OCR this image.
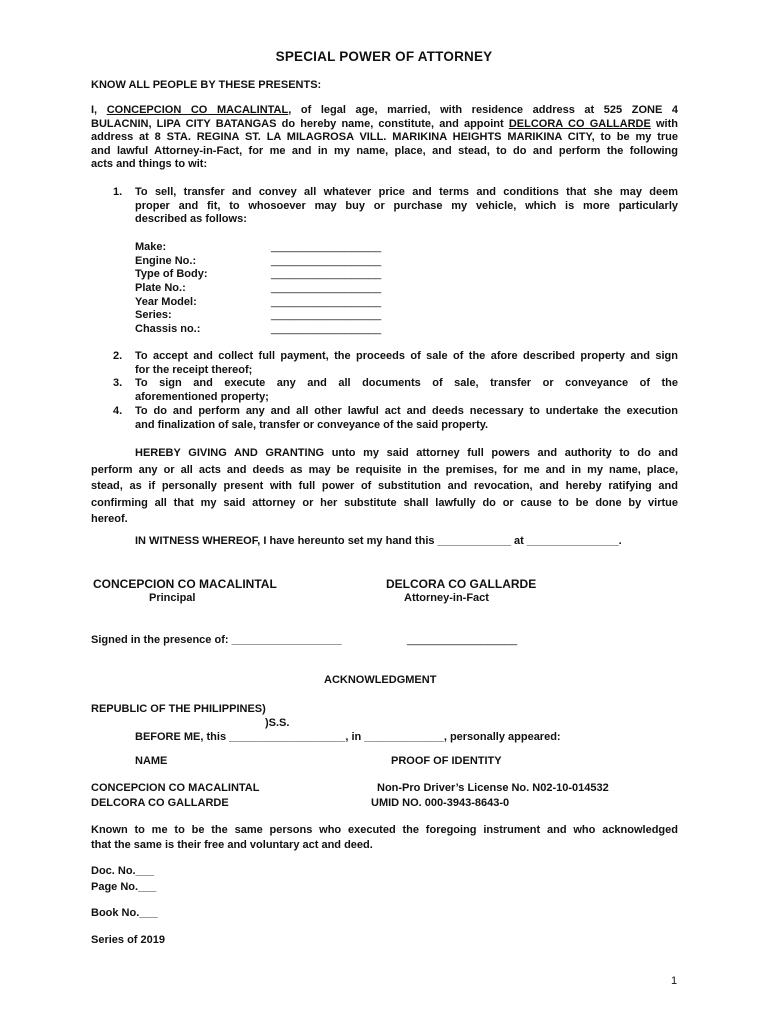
SPECIAL POWER OF ATTORNEY
KNOW ALL PEOPLE BY THESE PRESENTS:
I, CONCEPCION CO MACALINTAL, of legal age, married, with residence address at 525 ZONE 4
BULACNIN, LIPA CITY BATANGAS do hereby name, constitute, and appoint DELCORA CO GALLARDE with
address at 8 STA. REGINA ST. LA MILAGROSA VILL. MARIKINA HEIGHTS MARIKINA CITY, to be my true
and lawful Attorney-in-Fact, for me and in my name, place, and stead, to do and perform the following
acts and things to wit:
1. To sell, transfer and convey all whatever price and terms and conditions that she may deem
proper and fit, to whosoever may buy or purchase my vehicle, which is more particularly
described as follows:
Make:	__________________
Engine No.:	__________________
Type of Body:	__________________
Plate No.:	__________________
Year Model:	__________________
Series:	__________________
Chassis no.:	__________________
2. To accept and collect full payment, the proceeds of sale of the afore described property and sign
for the receipt thereof;
3. To sign and execute any and all documents of sale, transfer or conveyance of the
aforementioned property;
4. To do and perform any and all other lawful act and deeds necessary to undertake the execution
and finalization of sale, transfer or conveyance of the said property.
HEREBY GIVING AND GRANTING unto my said attorney full powers and authority to do and
perform any or all acts and deeds as may be requisite in the premises, for me and in my name, place,
stead, as if personally present with full power of substitution and revocation, and hereby ratifying and
confirming all that my said attorney or her substitute shall lawfully do or cause to be done by virtue
hereof.
IN WITNESS WHEREOF, I have hereunto set my hand this ____________ at _______________.
CONCEPCION CO MACALINTAL
Principal
DELCORA CO GALLARDE
Attorney-in-Fact
Signed in the presence of: __________________	__________________
ACKNOWLEDGMENT
REPUBLIC OF THE PHILIPPINES)
)S.S.
BEFORE ME, this ___________________, in _____________, personally appeared:
NAME	PROOF OF IDENTITY
CONCEPCION CO MACALINTAL	Non-Pro Driver’s License No. N02-10-014532
DELCORA CO GALLARDE	UMID NO. 000-3943-8643-0
Known to me to be the same persons who executed the foregoing instrument and who acknowledged
that the same is their free and voluntary act and deed.
Doc. No.___
Page No.___
Book No.___
Series of 2019
1
